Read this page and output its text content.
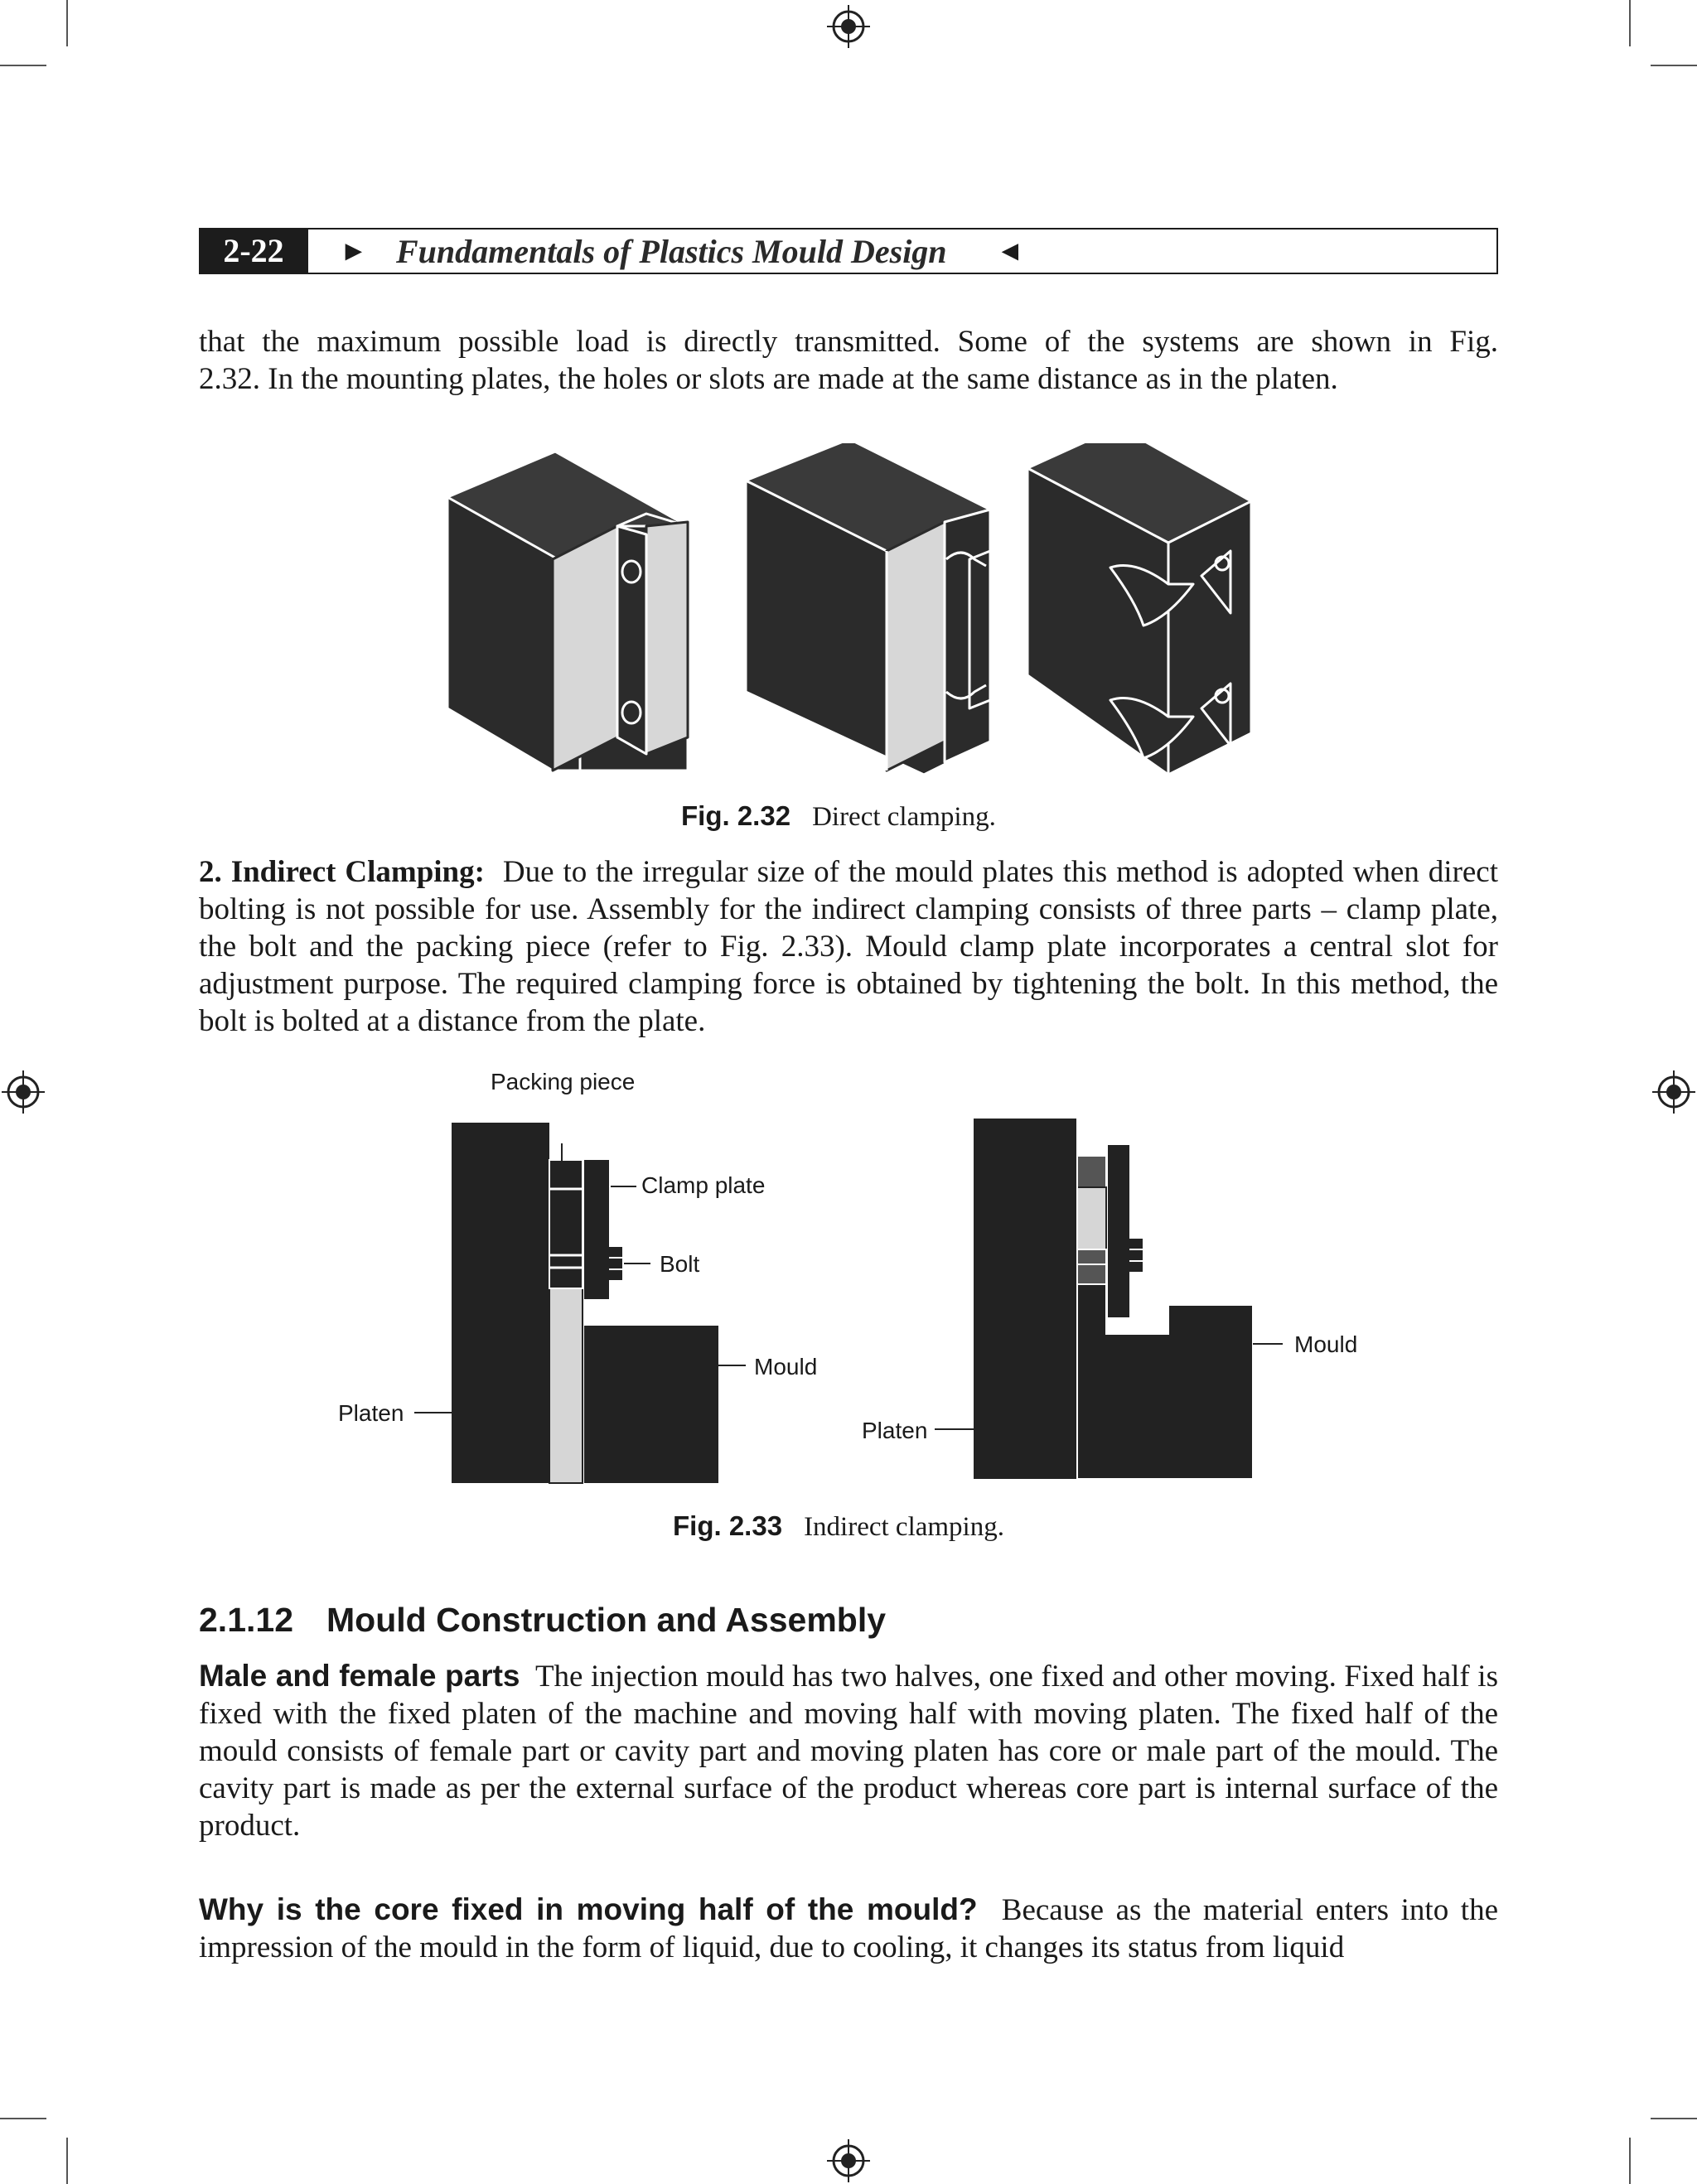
2-22	► Fundamentals of Plastics Mould Design ◄
that the maximum possible load is directly transmitted. Some of the systems are shown in Fig.
2.32. In the mounting plates, the holes or slots are made at the same distance as in the platen.
Fig. 2.32 Direct clamping.

2. Indirect Clamping: Due to the irregular size of the mould plates this method is adopted when direct bolting is not possible for use. Assembly for the indirect clamping consists of three parts – clamp plate, the bolt and the packing piece (refer to Fig. 2.33). Mould clamp plate incorporates a central slot for adjustment purpose. The required clamping force is obtained by tightening the bolt. In this method, the bolt is bolted at a distance from the plate.

Packing piece
Clamp plate
Bolt
Mould
Platen
Mould
Platen
Fig. 2.33 Indirect clamping.
2.1.12 Mould Construction and Assembly

Male and female parts The injection mould has two halves, one fixed and other moving. Fixed half is fixed with the fixed platen of the machine and moving half with moving platen. The fixed half of the mould consists of female part or cavity part and moving platen has core or male part of the mould. The cavity part is made as per the external surface of the product whereas core part is internal surface of the product.

Why is the core fixed in moving half of the mould? Because as the material enters into the impression of the mould in the form of liquid, due to cooling, it changes its status from liquid
